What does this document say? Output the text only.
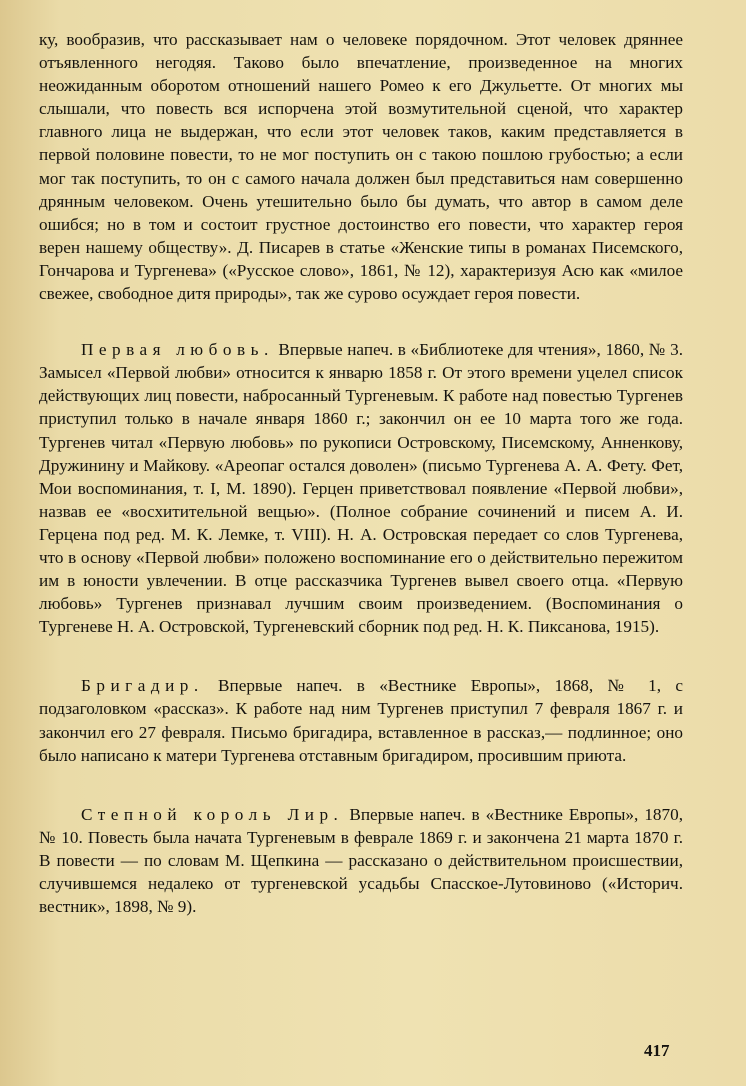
ку, вообразив, что рассказывает нам о человеке порядочном. Этот человек дряннее отъявленного негодяя. Таково было впечатление, произведенное на многих неожиданным оборотом отношений нашего Ромео к его Джульетте. От многих мы слышали, что повесть вся испорчена этой возмутительной сценой, что характер главного лица не выдержан, что если этот человек таков, каким представляется в первой половине повести, то не мог поступить он с такою пошлою грубостью; а если мог так поступить, то он с самого начала должен был представиться нам совершенно дрянным человеком. Очень утешительно было бы думать, что автор в самом деле ошибся; но в том и состоит грустное достоинство его повести, что характер героя верен нашему обществу». Д. Писарев в статье «Женские типы в романах Писемского, Гончарова и Тургенева» («Русское слово», 1861, № 12), характеризуя Асю как «милое свежее, свободное дитя природы», так же сурово осуждает героя повести.

Первая любовь. Впервые напеч. в «Библиотеке для чтения», 1860, № 3. Замысел «Первой любви» относится к январю 1858 г. От этого времени уцелел список действующих лиц повести, набросанный Тургеневым. К работе над повестью Тургенев приступил только в начале января 1860 г.; закончил он ее 10 марта того же года. Тургенев читал «Первую любовь» по рукописи Островскому, Писемскому, Анненкову, Дружинину и Майкову. «Ареопаг остался доволен» (письмо Тургенева А. А. Фету. Фет, Мои воспоминания, т. I, М. 1890). Герцен приветствовал появление «Первой любви», назвав ее «восхитительной вещью». (Полное собрание сочинений и писем А. И. Герцена под ред. М. К. Лемке, т. VIII). Н. А. Островская передает со слов Тургенева, что в основу «Первой любви» положено воспоминание его о действительно пережитом им в юности увлечении. В отце рассказчика Тургенев вывел своего отца. «Первую любовь» Тургенев признавал лучшим своим произведением. (Воспоминания о Тургеневе Н. А. Островской, Тургеневский сборник под ред. Н. К. Пиксанова, 1915).

Бригадир. Впервые напеч. в «Вестнике Европы», 1868, № 1, с подзаголовком «рассказ». К работе над ним Тургенев приступил 7 февраля 1867 г. и закончил его 27 февраля. Письмо бригадира, вставленное в рассказ,— подлинное; оно было написано к матери Тургенева отставным бригадиром, просившим приюта.

Степной король Лир. Впервые напеч. в «Вестнике Европы», 1870, № 10. Повесть была начата Тургеневым в феврале 1869 г. и закончена 21 марта 1870 г. В повести — по словам М. Щепкина — рассказано о действительном происшествии, случившемся недалеко от тургеневской усадьбы Спасское-Лутовиново («Историч. вестник», 1898, № 9).

417
